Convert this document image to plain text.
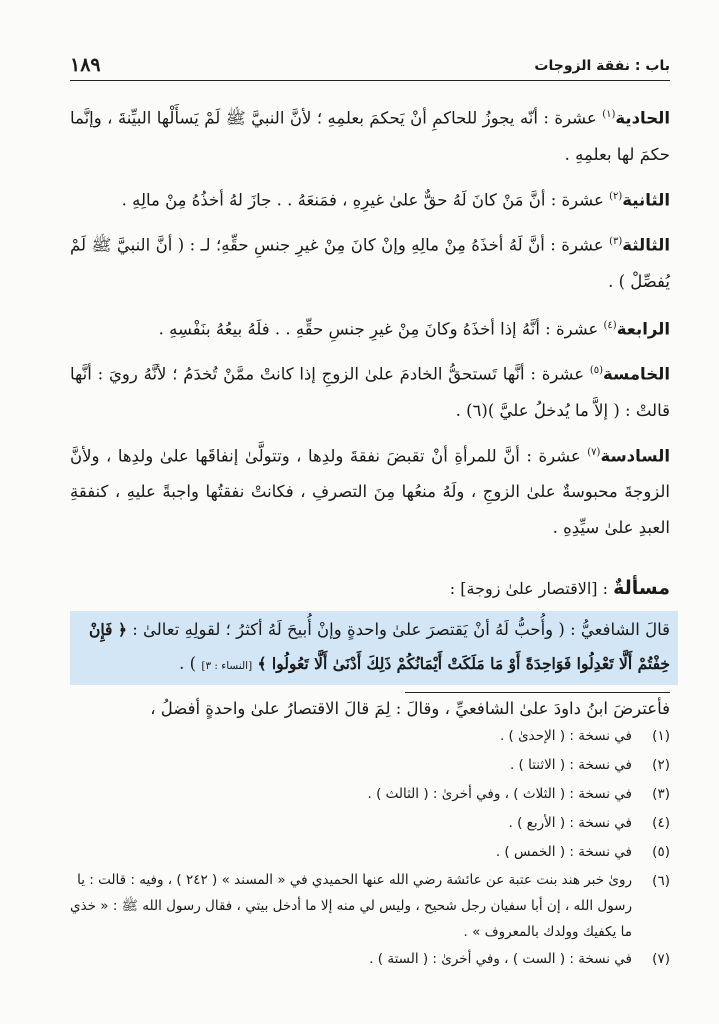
باب : نفقة الزوجات
١٨٩

الحادية$^{(١)}$ عشرة : أنّه يجوزُ للحاكمِ أنْ يَحكمَ بعلمِهِ ؛ لأنَّ النبيَّ ﷺ لَمْ يَسأَلْها البيِّنةَ ، وإنَّما حكمَ لها بعلمِهِ .

الثانية$^{(٢)}$ عشرة : أنَّ مَنْ كانَ لَهُ حقٌّ علىٰ غيرِهِ ، فمَنعَهُ . . جازَ لهُ أخذُهُ مِنْ مالِهِ .

الثالثة$^{(٣)}$ عشرة : أنَّ لَهُ أخذَهُ مِنْ مالِهِ وإنْ كانَ مِنْ غيرِ جنسِ حقِّهِ؛ لـ : ( أنَّ النبيَّ ﷺ لَمْ يُفصِّلْ ) .

الرابعة$^{(٤)}$ عشرة : أنَّهُ إذا أخذَهُ وكانَ مِنْ غيرِ جنسِ حقِّهِ . . فلَهُ بيعُهُ بنَفْسِهِ .

الخامسة$^{(٥)}$ عشرة : أنَّها تَستحقُّ الخادمَ علىٰ الزوجِ إذا كانتْ ممَّنْ تُخدَمُ ؛ لأنَّهُ رويَ : أنَّها قالتْ : ( إلاَّ ما يُدخلُ عليَّ )(٦) .

السادسة$^{(٧)}$ عشرة : أنَّ للمرأةِ أنْ تقبضَ نفقةَ ولدِها ، وتتولَّىٰ إنفاقَها علىٰ ولدِها ، ولأنَّ الزوجةَ محبوسةٌ علىٰ الزوجِ ، ولَهُ منعُها مِنَ التصرفِ ، فكانتْ نفقتُها واجبةً عليهِ ، كنفقةِ العبدِ علىٰ سيِّدِهِ .

مسألةٌ : [الاقتصار علىٰ زوجة] :
قالَ الشافعيُّ : ( وأُحبُّ لَهُ أنْ يَقتصرَ علىٰ واحدةٍ وإنْ أُبيحَ لَهُ أكثرُ ؛ لقولِهِ تعالىٰ : ﴿ فَإِنْ خِفْتُمْ أَلَّا تَعْدِلُوا فَوَاحِدَةً أَوْ مَا مَلَكَتْ أَيْمَانُكُمْ ذَلِكَ أَدْنَىٰ أَلَّا تَعُولُوا ﴾ [النساء : ٣] ) .
فأعترضَ ابنُ داودَ علىٰ الشافعيِّ ، وقالَ : لِمَ قالَ الاقتصارُ علىٰ واحدةٍ أفضلُ ،
(١)
في نسخة : ( الإحدىٰ ) .
(٢)
في نسخة : ( الاثنتا ) .
(٣)
في نسخة : ( الثلاث ) ، وفي أخرىٰ : ( الثالث ) .
(٤)
في نسخة : ( الأربع ) .
(٥)
في نسخة : ( الخمس ) .
(٦)
رویٰ خبر هند بنت عتبة عن عائشة رضي الله عنها الحميدي في « المسند » ( ٢٤٢ ) ، وفيه : قالت : يا رسول الله ، إن أبا سفيان رجل شحيح ، وليس لي منه إلا ما أدخل بيتي ، فقال رسول الله ﷺ : « خذي ما يكفيك وولدك بالمعروف » .
(٧)
في نسخة : ( الست ) ، وفي أخرىٰ : ( الستة ) .
